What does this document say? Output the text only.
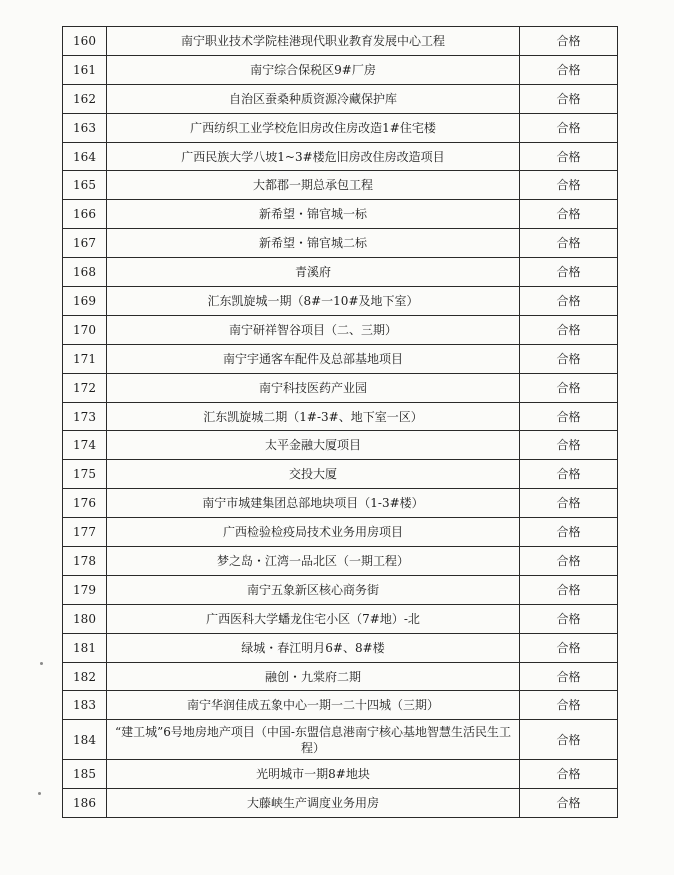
160	南宁职业技术学院桂港现代职业教育发展中心工程	合格
161	南宁综合保税区9#厂房	合格
162	自治区蚕桑种质资源冷藏保护库	合格
163	广西纺织工业学校危旧房改住房改造1#住宅楼	合格
164	广西民族大学八坡1~3#楼危旧房改住房改造项目	合格
165	大都郡一期总承包工程	合格
166	新希望・锦官城一标	合格
167	新希望・锦官城二标	合格
168	青溪府	合格
169	汇东凯旋城一期（8#一10#及地下室）	合格
170	南宁研祥智谷项目（二、三期）	合格
171	南宁宇通客车配件及总部基地项目	合格
172	南宁科技医药产业园	合格
173	汇东凯旋城二期（1#-3#、地下室一区）	合格
174	太平金融大厦项目	合格
175	交投大厦	合格
176	南宁市城建集团总部地块项目（1-3#楼）	合格
177	广西检验检疫局技术业务用房项目	合格
178	梦之岛・江湾一品北区（一期工程）	合格
179	南宁五象新区核心商务街	合格
180	广西医科大学蟠龙住宅小区（7#地）-北	合格
181	绿城・春江明月6#、8#楼	合格
182	融创・九棠府二期	合格
183	南宁华润佳成五象中心一期一二十四城（三期）	合格
184	“建工城”6号地房地产项目（中国-东盟信息港南宁核心基地智慧生活民生工程）	合格
185	光明城市一期8#地块	合格
186	大藤峡生产调度业务用房	合格
